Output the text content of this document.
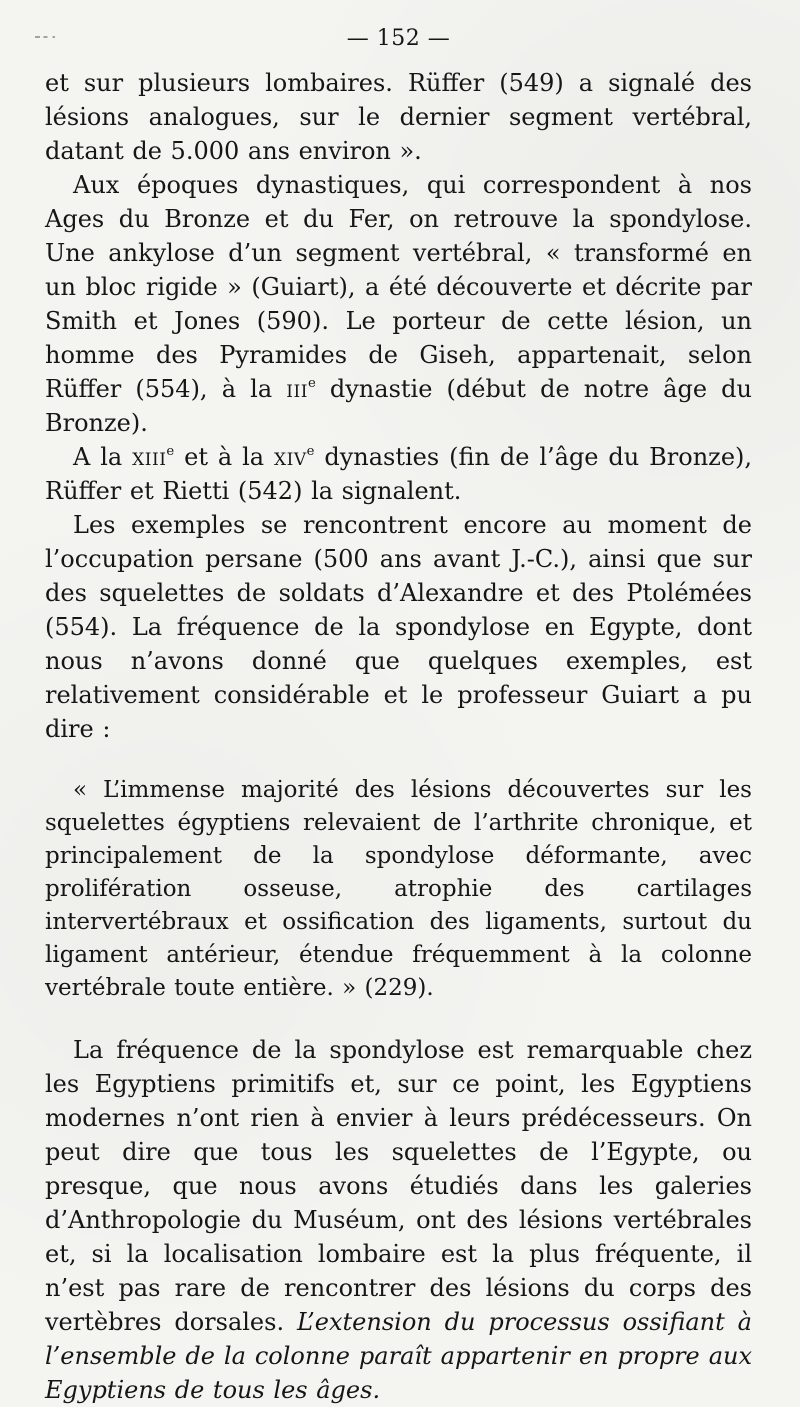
— 152 —

et sur plusieurs lombaires. Rüffer (549) a signalé des lésions analogues, sur le dernier segment vertébral, datant de 5.000 ans environ ».

Aux époques dynastiques, qui correspondent à nos Ages du Bronze et du Fer, on retrouve la spondylose. Une ankylose d’un segment vertébral, « transformé en un bloc rigide » (Guiart), a été découverte et décrite par Smith et Jones (590). Le porteur de cette lésion, un homme des Pyramides de Giseh, appartenait, selon Rüffer (554), à la iii$^e$ dynastie (début de notre âge du Bronze).

A la xiii$^e$ et à la xiv$^e$ dynasties (fin de l’âge du Bronze), Rüffer et Rietti (542) la signalent.

Les exemples se rencontrent encore au moment de l’occupation persane (500 ans avant J.-C.), ainsi que sur des squelettes de soldats d’Alexandre et des Ptolémées (554). La fréquence de la spondylose en Egypte, dont nous n’avons donné que quelques exemples, est relativement considérable et le professeur Guiart a pu dire :

« L’immense majorité des lésions découvertes sur les squelettes égyptiens relevaient de l’arthrite chronique, et principalement de la spondylose déformante, avec prolifération osseuse, atrophie des cartilages intervertébraux et ossification des ligaments, surtout du ligament antérieur, étendue fréquemment à la colonne vertébrale toute entière. » (229).

La fréquence de la spondylose est remarquable chez les Egyptiens primitifs et, sur ce point, les Egyptiens modernes n’ont rien à envier à leurs prédécesseurs. On peut dire que tous les squelettes de l’Egypte, ou presque, que nous avons étudiés dans les galeries d’Anthropologie du Muséum, ont des lésions vertébrales et, si la localisation lombaire est la plus fréquente, il n’est pas rare de rencontrer des lésions du corps des vertèbres dorsales. L’extension du processus ossifiant à l’ensemble de la colonne paraît appartenir en propre aux Egyptiens de tous les âges.
